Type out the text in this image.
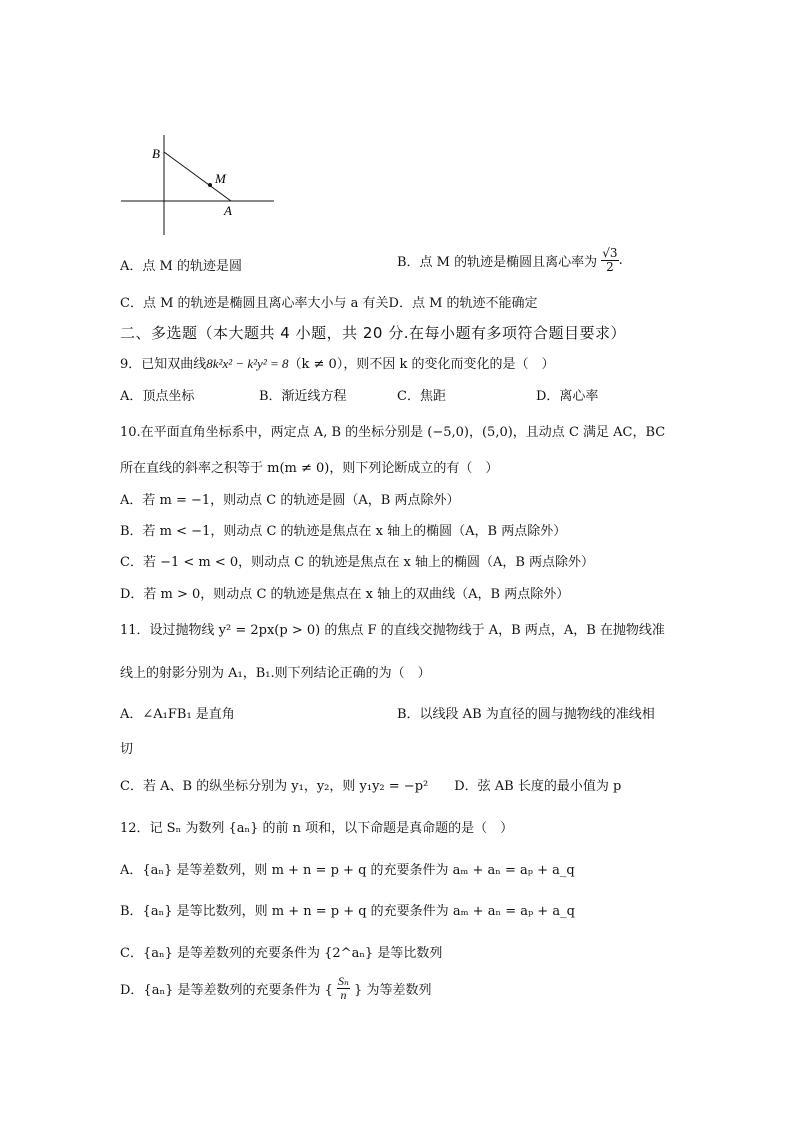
B
M
A
A．点 M 的轨迹是圆	B．点 M 的轨迹是椭圆且离心率为 $\frac{√3}{2}$ .
C．点 M 的轨迹是椭圆且离心率大小与 a 有关D．点 M 的轨迹不能确定
二、多选题（本大题共 4 小题，共 20 分.在每小题有多项符合题目要求）
9．已知双曲线8k²x² − k²y² = 8（k ≠ 0），则不因 k 的变化而变化的是（　）
A．顶点坐标	B．渐近线方程	C．焦距	D．离心率
10.在平面直角坐标系中，两定点 A, B 的坐标分别是 (−5,0)，(5,0)，且动点 C 满足 AC，BC
所在直线的斜率之积等于 m(m ≠ 0)，则下列论断成立的有（　）
A．若 m = −1，则动点 C 的轨迹是圆（A，B 两点除外）
B．若 m < −1，则动点 C 的轨迹是焦点在 x 轴上的椭圆（A，B 两点除外）
C．若 −1 < m < 0，则动点 C 的轨迹是焦点在 x 轴上的椭圆（A，B 两点除外）
D．若 m > 0，则动点 C 的轨迹是焦点在 x 轴上的双曲线（A，B 两点除外）
11．设过抛物线 y² = 2px(p > 0) 的焦点 F 的直线交抛物线于 A，B 两点，A，B 在抛物线准
线上的射影分别为 A₁，B₁.则下列结论正确的为（　）
A．∠A₁FB₁ 是直角	B．以线段 AB 为直径的圆与抛物线的准线相
切
C．若 A、B 的纵坐标分别为 y₁，y₂，则 y₁y₂ = −p²　　D．弦 AB 长度的最小值为 p
12．记 Sₙ 为数列 {aₙ} 的前 n 项和，以下命题是真命题的是（　）
A．{aₙ} 是等差数列，则 m + n = p + q 的充要条件为 aₘ + aₙ = aₚ + a_q
B．{aₙ} 是等比数列，则 m + n = p + q 的充要条件为 aₘ + aₙ = aₚ + a_q
C．{aₙ} 是等差数列的充要条件为 {2^aₙ} 是等比数列
D．{aₙ} 是等差数列的充要条件为 { $\frac{\text{Sₙ}}{n}$ } 为等差数列
